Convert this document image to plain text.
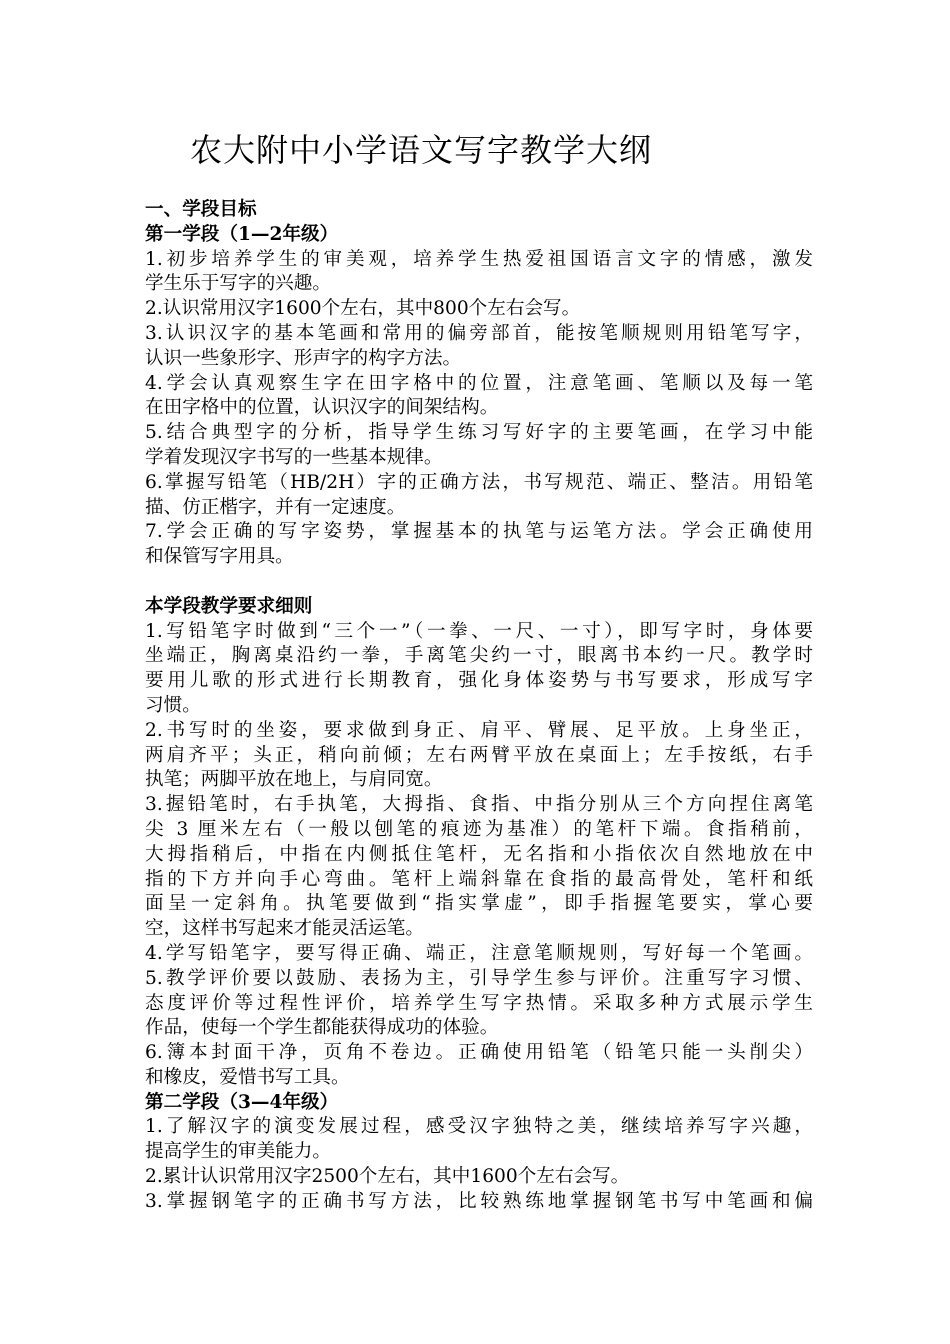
农大附中小学语文写字教学大纲
一、学段目标
第一学段（1—2年级）
1.初步培养学生的审美观，培养学生热爱祖国语言文字的情感，激发
学生乐于写字的兴趣。
2.认识常用汉字1600个左右，其中800个左右会写。
3.认识汉字的基本笔画和常用的偏旁部首，能按笔顺规则用铅笔写字，
认识一些象形字、形声字的构字方法。
4.学会认真观察生字在田字格中的位置，注意笔画、笔顺以及每一笔
在田字格中的位置，认识汉字的间架结构。
5.结合典型字的分析，指导学生练习写好字的主要笔画，在学习中能
学着发现汉字书写的一些基本规律。
6.掌握写铅笔（HB/2H）字的正确方法，书写规范、端正、整洁。用铅笔
描、仿正楷字，并有一定速度。
7.学会正确的写字姿势，掌握基本的执笔与运笔方法。学会正确使用
和保管写字用具。
本学段教学要求细则
1.写铅笔字时做到“三个一”（一拳、一尺、一寸），即写字时，身体要
坐端正，胸离桌沿约一拳，手离笔尖约一寸，眼离书本约一尺。教学时
要用儿歌的形式进行长期教育，强化身体姿势与书写要求，形成写字
习惯。
2.书写时的坐姿，要求做到身正、肩平、臂展、足平放。上身坐正，
两肩齐平；头正，稍向前倾；左右两臂平放在桌面上；左手按纸，右手
执笔；两脚平放在地上，与肩同宽。
3.握铅笔时，右手执笔，大拇指、食指、中指分别从三个方向捏住离笔
尖 3 厘米左右（一般以刨笔的痕迹为基准）的笔杆下端。食指稍前，
大拇指稍后，中指在内侧抵住笔杆，无名指和小指依次自然地放在中
指的下方并向手心弯曲。笔杆上端斜靠在食指的最高骨处，笔杆和纸
面呈一定斜角。执笔要做到“指实掌虚”，即手指握笔要实，掌心要
空，这样书写起来才能灵活运笔。
4.学写铅笔字，要写得正确、端正，注意笔顺规则，写好每一个笔画。
5.教学评价要以鼓励、表扬为主，引导学生参与评价。注重写字习惯、
态度评价等过程性评价，培养学生写字热情。采取多种方式展示学生
作品，使每一个学生都能获得成功的体验。
6.簿本封面干净，页角不卷边。正确使用铅笔（铅笔只能一头削尖）
和橡皮，爱惜书写工具。
第二学段（3—4年级）
1.了解汉字的演变发展过程，感受汉字独特之美，继续培养写字兴趣，
提高学生的审美能力。
2.累计认识常用汉字2500个左右，其中1600个左右会写。
3.掌握钢笔字的正确书写方法，比较熟练地掌握钢笔书写中笔画和偏
